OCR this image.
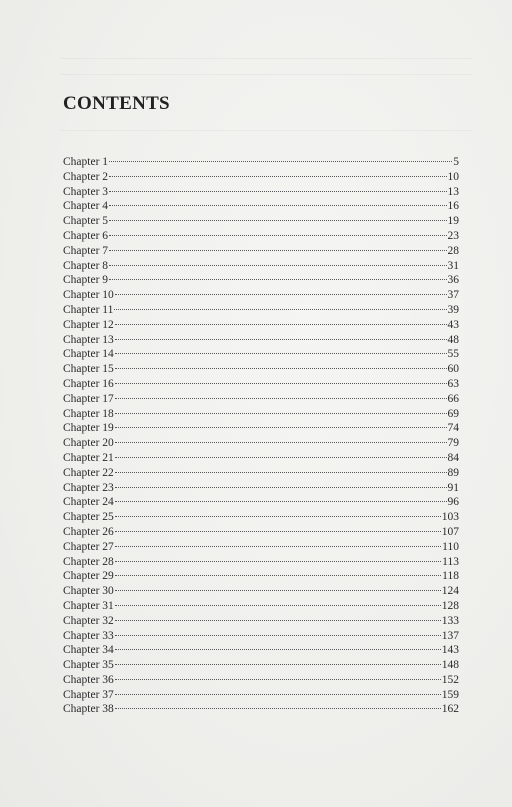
CONTENTS
Chapter 1	5
Chapter 2	10
Chapter 3	13
Chapter 4	16
Chapter 5	19
Chapter 6	23
Chapter 7	28
Chapter 8	31
Chapter 9	36
Chapter 10	37
Chapter 11	39
Chapter 12	43
Chapter 13	48
Chapter 14	55
Chapter 15	60
Chapter 16	63
Chapter 17	66
Chapter 18	69
Chapter 19	74
Chapter 20	79
Chapter 21	84
Chapter 22	89
Chapter 23	91
Chapter 24	96
Chapter 25	103
Chapter 26	107
Chapter 27	110
Chapter 28	113
Chapter 29	118
Chapter 30	124
Chapter 31	128
Chapter 32	133
Chapter 33	137
Chapter 34	143
Chapter 35	148
Chapter 36	152
Chapter 37	159
Chapter 38	162
